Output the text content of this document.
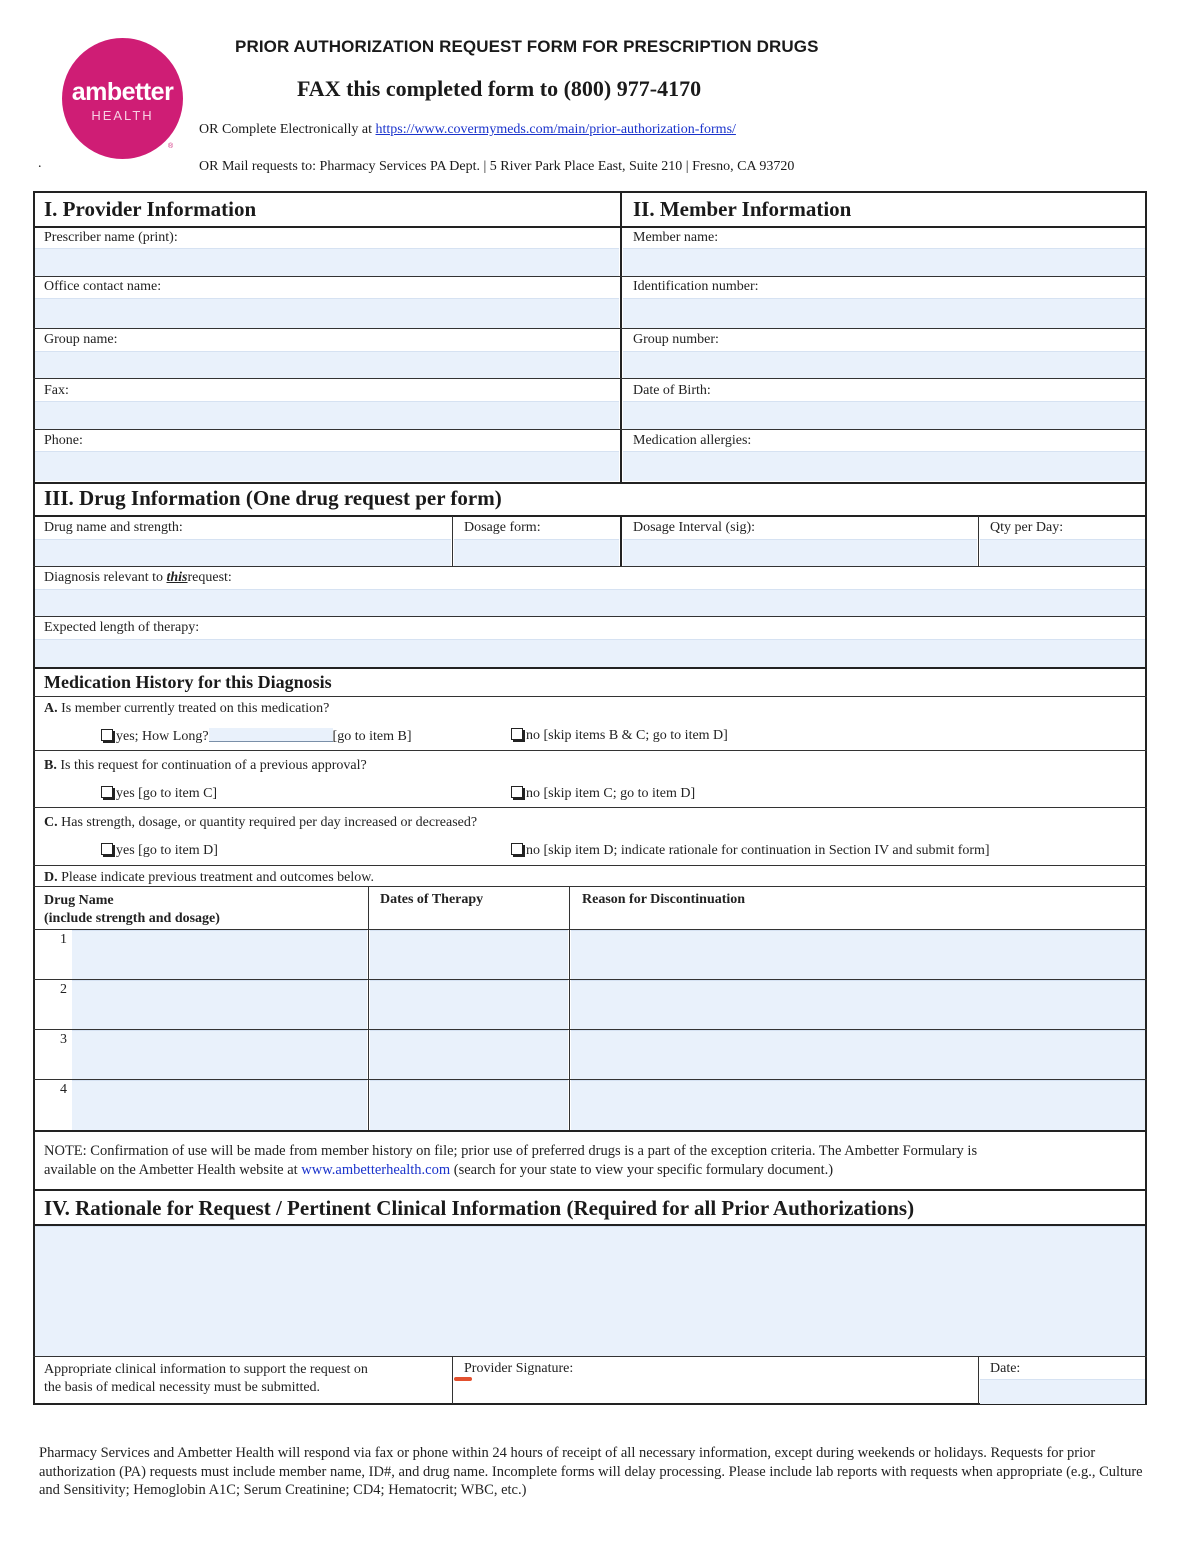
ambetter
HEALTH
®
.
PRIOR AUTHORIZATION REQUEST FORM FOR PRESCRIPTION DRUGS
FAX this completed form to (800) 977-4170
OR Complete Electronically at https://www.covermymeds.com/main/prior-authorization-forms/
OR Mail requests to: Pharmacy Services PA Dept. | 5 River Park Place East, Suite 210 | Fresno, CA 93720
I. Provider Information	II. Member Information
Prescriber name (print):	Member name:
Office contact name:	Identification number:
Group name:	Group number:
Fax:	Date of Birth:
Phone:	Medication allergies:
III. Drug Information (One drug request per form)
Drug name and strength:	Dosage form:	Dosage Interval (sig):	Qty per Day:
Diagnosis relevant to thisrequest:
Expected length of therapy:
Medication History for this Diagnosis
A. Is member currently treated on this medication?
yes; How Long?	[go to item B]	no [skip items B & C; go to item D]
B. Is this request for continuation of a previous approval?
yes [go to item C]	no [skip item C; go to item D]
C. Has strength, dosage, or quantity required per day increased or decreased?
yes [go to item D]	no [skip item D; indicate rationale for continuation in Section IV and submit form]
D. Please indicate previous treatment and outcomes below.
Drug Name
(include strength and dosage)
Dates of Therapy	Reason for Discontinuation
1
2
3
4
NOTE: Confirmation of use will be made from member history on file; prior use of preferred drugs is a part of the exception criteria. The Ambetter Formulary is
available on the Ambetter Health website at www.ambetterhealth.com (search for your state to view your specific formulary document.)
IV. Rationale for Request / Pertinent Clinical Information (Required for all Prior Authorizations)
Appropriate clinical information to support the request on
the basis of medical necessity must be submitted.
Provider Signature:	Date:
Pharmacy Services and Ambetter Health will respond via fax or phone within 24 hours of receipt of all necessary information, except during weekends or holidays. Requests for prior authorization (PA) requests must include member name, ID#, and drug name. Incomplete forms will delay processing. Please include lab reports with requests when appropriate (e.g., Culture and Sensitivity; Hemoglobin A1C; Serum Creatinine; CD4; Hematocrit; WBC, etc.)
